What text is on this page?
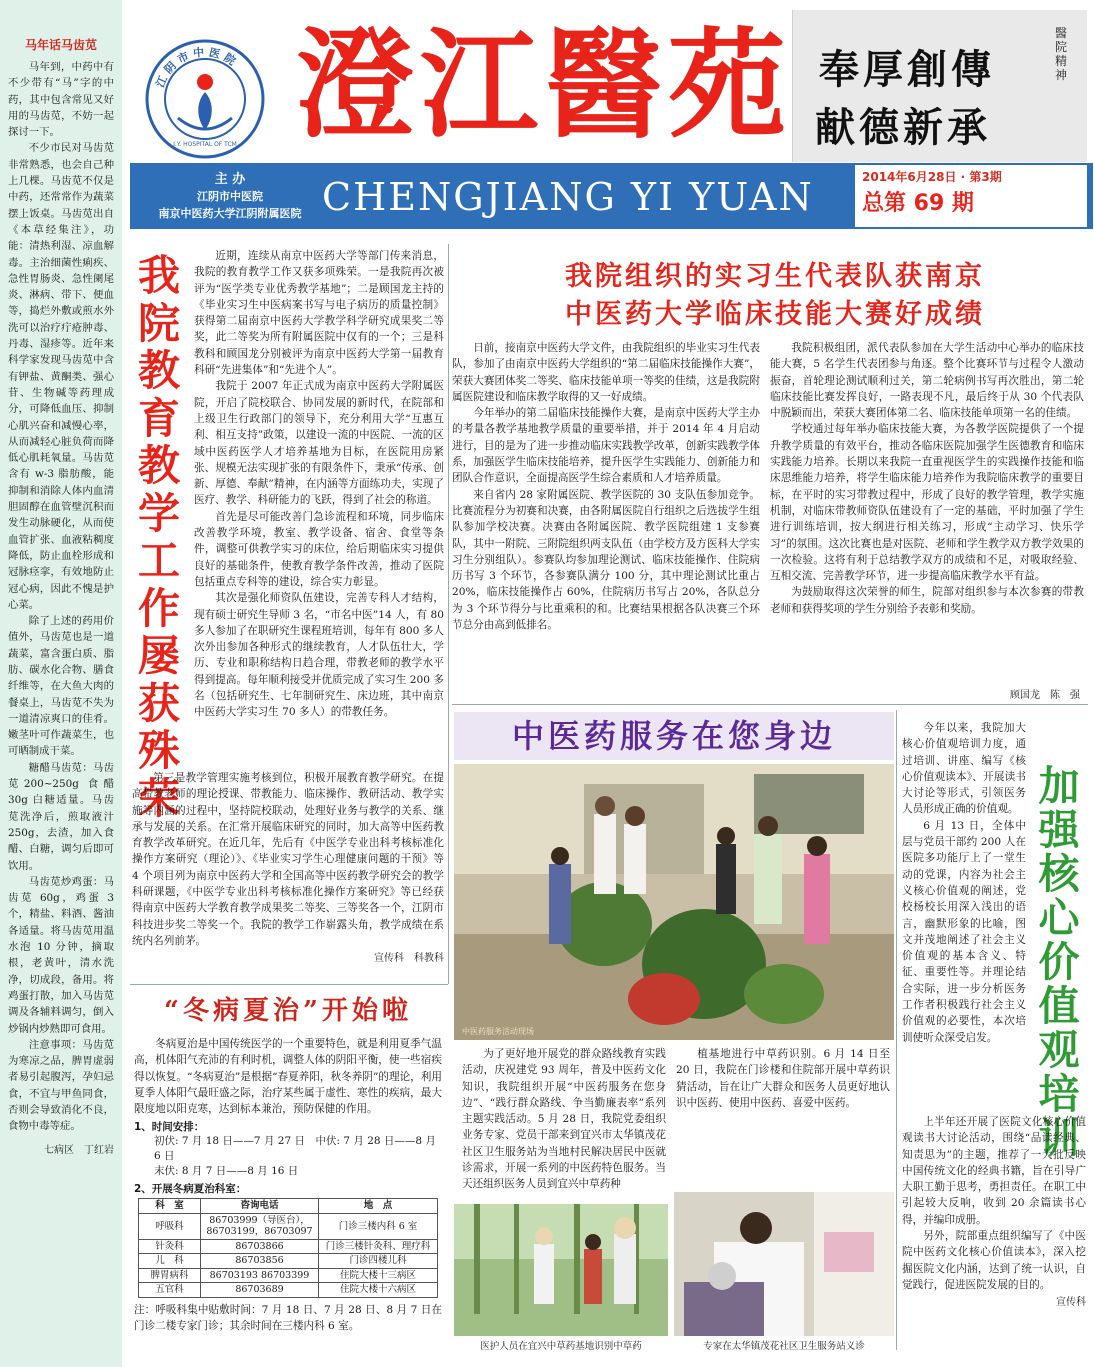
马年话马齿苋

马年到，中药中有不少带有“马”字的中药，其中包含常见又好用的马齿苋，不妨一起探讨一下。

不少市民对马齿苋非常熟悉，也会自己种上几棵。马齿苋不仅是中药，还常常作为蔬菜摆上饭桌。马齿苋出自《本草经集注》，功能：清热利湿、凉血解毒。主治细菌性痢疾、急性胃肠炎、急性阑尾炎、淋病、带下、便血等，捣烂外敷或煎水外洗可以治疗疔疮肿毒、丹毒、湿疹等。近年来科学家发现马齿苋中含有钾盐、黄酮类、强心苷、生物碱等药理成分，可降低血压、抑制心肌兴奋和减慢心率，从而减轻心脏负荷而降低心肌耗氧量。马齿苋含有 w-3 脂肪酸，能抑制和消除人体内血清胆固醇在血管壁沉积而发生动脉硬化，从而使血管扩张、血液粘稠度降低，防止血栓形成和冠脉痉挛，有效地防止冠心病，因此不愧是护心菜。

除了上述的药用价值外，马齿苋也是一道蔬菜，富含蛋白质、脂肪、碳水化合物、膳食纤维等，在大鱼大肉的餐桌上，马齿苋不失为一道清凉爽口的佳肴。嫩茎叶可作蔬菜生，也可晒制成干菜。

糖醋马齿苋：马齿苋200~250g 食醋30g 白糖适量。马齿苋洗净后，煎取液汁250g，去渣，加入食醋、白糖，调匀后即可饮用。

马齿苋炒鸡蛋：马齿苋 60g，鸡蛋 3 个，精盐、料酒、酱油各适量。将马齿苋用温水泡 10 分钟，摘取根，老黄叶，清水洗净，切成段，备用。将鸡蛋打散，加入马齿苋调及各辅料调匀，倒入炒锅内炒熟即可食用。

注意事项：马齿苋为寒凉之品，脾胃虚弱者易引起腹泻，孕妇忌食，不宜与甲鱼同食，否则会导致消化不良，食物中毒等症。

七病区　丁红岩

江阴市中医院
J.Y. HOSPITAL OF TCM 澄江醫苑 奉厚創傳
献德新承
醫院精神
主 办
江阴市中医院
南京中医药大学江阴附属医院 CHENGJIANG YI YUAN	2014年6月28日 · 第3期
总第 69 期
我院教育教学工作屡获殊荣

近期，连续从南京中医药大学等部门传来消息，我院的教育教学工作又获多项殊荣。一是我院再次被评为“医学类专业优秀教学基地”；二是顾国龙主持的《毕业实习生中医病案书写与电子病历的质量控制》获得第二届南京中医药大学教学科学研究成果奖二等奖，此二等奖为所有附属医院中仅有的一个；三是科教科和顾国龙分别被评为南京中医药大学第一届教育科研“先进集体”和“先进个人”。

我院于 2007 年正式成为南京中医药大学附属医院，开启了院校联合、协同发展的新时代，在院部和上级卫生行政部门的领导下，充分利用大学“互惠互利、相互支持”政策，以建设一流的中医院、一流的区域中医药医学人才培养基地为目标，在医院用房紧张、规模无法实现扩张的有限条件下，秉承“传承、创新、厚德、奉献”精神，在内涵等方面练功夫，实现了医疗、教学、科研能力的飞跃，得到了社会的称道。

首先是尽可能改善门急诊流程和环境，同步临床改善教学环境，教室、教学设备、宿舍、食堂等条件，调整可供教学实习的床位，给后期临床实习提供良好的基础条件，使教育教学条件改善，推动了医院包括重点专科等的建设，综合实力彰显。

其次是强化师资队伍建设，完善专科人才结构，现有硕士研究生导师 3 名，“市名中医”14 人，有 80 多人参加了在职研究生课程班培训，每年有 800 多人次外出参加各种形式的继续教育，人才队伍壮大，学历、专业和职称结构日趋合理，带教老师的教学水平得到提高。每年顺利接受并优质完成了实习生 200 多名（包括研究生、七年制研究生、床边班，其中南京中医药大学实习生 70 多人）的带教任务。

第三是教学管理实施考核到位，积极开展教育教学研究。在提高带教老师的理论授课、带教能力、临床操作、教研活动、教学实施等内涵的过程中，坚持院校联动，处理好业务与教学的关系、继承与发展的关系。在汇常开展临床研究的同时，加大高等中医药教育教学改革研究。在近几年，先后有《中医学专业出科考核标准化操作方案研究（理论）》、《毕业实习学生心理健康问题的干预》等 4 个项目列为南京中医药大学和全国高等中医药教学研究会的教学科研课题，《中医学专业出科考核标准化操作方案研究》等已经获得南京中医药大学教育教学成果奖二等奖、三等奖各一个，江阴市科技进步奖二等奖一个。我院的教学工作崭露头角，教学成绩在系统内名列前茅。

宣传科　科教科

我院组织的实习生代表队获南京
中医药大学临床技能大赛好成绩

日前，接南京中医药大学文件，由我院组织的毕业实习生代表队，参加了由南京中医药大学组织的“第二届临床技能操作大赛”，荣获大赛团体奖二等奖、临床技能单项一等奖的佳绩，这是我院附属医院建设和临床教学取得的又一好成绩。

今年举办的第二届临床技能操作大赛，是南京中医药大学主办的考量各教学基地教学质量的重要举措，并于 2014 年 4 月启动进行，目的是为了进一步推动临床实践教学改革，创新实践教学体系，加强医学生临床技能培养，提升医学生实践能力、创新能力和团队合作意识，全面提高医学生综合素质和人才培养质量。

来自省内 28 家附属医院、教学医院的 30 支队伍参加竞争。比赛流程分为初赛和决赛，由各附属医院自行组织之后选拔学生组队参加学校决赛。决赛由各附属医院、教学医院组建 1 支参赛队，其中一附院、三附院组织两支队伍（由学校方及方医科大学实习生分别组队）。参赛队均参加理论测试、临床技能操作、住院病历书写 3 个环节，各参赛队满分 100 分，其中理论测试比重占 20%，临床技能操作占 60%，住院病历书写占 20%，各队总分为 3 个环节得分与比重乘积的和。比赛结果根据各队决赛三个环节总分由高到低排名。

我院积极组团，派代表队参加在大学生活动中心举办的临床技能大赛，5 名学生代表团参与角逐。整个比赛环节与过程令人激动振奋，首轮理论测试顺利过关，第二轮病例书写再次胜出，第二轮临床技能比赛发挥良好，一路表现不凡，最后终于从 30 个代表队中脱颖而出，荣获大赛团体第二名、临床技能单项第一名的佳绩。

学校通过每年举办临床技能大赛，为各教学医院提供了一个提升教学质量的有效平台，推动各临床医院加强学生医德教育和临床实践能力培养。长期以来我院一直重视医学生的实践操作技能和临床思维能力培养，将学生临床能力培养作为我院临床教学的重要目标，在平时的实习带教过程中，形成了良好的教学管理，教学实施机制，对临床带教师资队伍建设有了一定的基础，平时加强了学生进行训练培训，按大纲进行相关练习，形成“主动学习、快乐学习”的氛围。这次比赛也是对医院、老师和学生教学双方教学效果的一次检验。这将有利于总结教学双方的成绩和不足，对吸取经验、互相交流、完善教学环节，进一步提高临床教学水平有益。

为鼓励取得这次荣誉的师生，院部对组织参与本次参赛的带教老师和获得奖项的学生分别给予表彰和奖励。

顾国龙　陈　强
中医药服务在您身边
中医药服务活动现场

为了更好地开展党的群众路线教育实践活动，庆祝建党 93 周年，普及中医药文化知识，我院组织开展“中医药服务在您身边”、“践行群众路线、争当勤廉表率”系列主题实践活动。5 月 28 日，我院党委组织业务专家、党员干部来到宜兴市太华镇茂花社区卫生服务站为当地村民解决居民中医就诊需求，开展一系列的中医药特色服务。当天还组织医务人员到宜兴中草药种

植基地进行中草药识别。6 月 14 日至 20 日，我院在门诊楼和住院部开展中草药识猜活动，旨在让广大群众和医务人员更好地认识中医药、使用中医药、喜爱中医药。

医护人员在宜兴中草药基地识别中草药	专家在太华镇茂花社区卫生服务站义诊

今年以来，我院加大核心价值观培训力度，通过培训、讲座、编写《核心价值观读本》、开展读书大讨论等形式，引领医务人员形成正确的价值观。

6 月 13 日，全体中层与党员干部约 200 人在医院多功能厅上了一堂生动的党课，内容为社会主义核心价值观的阐述，党校杨校长用深入浅出的语言，幽默形象的比喻，图文并茂地阐述了社会主义价值观的基本含义、特征、重要性等。并理论结合实际，进一步分析医务工作者积极践行社会主义价值观的必要性，本次培训使听众深受启发。

加强核心价值观培训

上半年还开展了医院文化核心价值观读书大讨论活动，围绕“品读经典、知责思为”的主题，推荐了一大批反映中国传统文化的经典书籍，旨在引导广大职工勤于思考，勇担责任。在职工中引起较大反响，收到 20 余篇读书心得，并编印成册。

另外，院部重点组织编写了《中医院中医药文化核心价值读本》，深入挖掘医院文化内涵，达到了统一认识，自觉践行，促进医院发展的目的。

宣传科

“冬病夏治”开始啦

冬病夏治是中国传统医学的一个重要特色，就是利用夏季气温高，机体阳气充沛的有利时机，调整人体的阴阳平衡，使一些宿疾得以恢复。“冬病夏治”是根据“春夏养阳，秋冬养阴”的理论，利用夏季人体阳气最旺盛之际，治疗某些属于虚性、寒性的疾病，最大限度地以阳克寒，达到标本兼治，预防保健的作用。

1、时间安排：
初伏: 7 月 18 日——7 月 27 日　中伏: 7 月 28 日——8 月 6 日
末伏: 8 月 7 日——8 月 16 日
2、开展冬病夏治科室：
科　室	咨询电话	地　点
呼吸科	86703999（导医台），86703199，86703097	门诊三楼内科 6 室
针灸科	86703866	门诊三楼针灸科、理疗科
儿　科	86703856	门诊四楼儿科
脾胃病科	86703193 86703399	住院大楼十三病区
五官科	86703689	住院大楼十六病区

注：呼吸科集中贴敷时间：7 月 18 日、7 月 28 日、8 月 7 日在门诊二楼专家门诊；其余时间在三楼内科 6 室。
